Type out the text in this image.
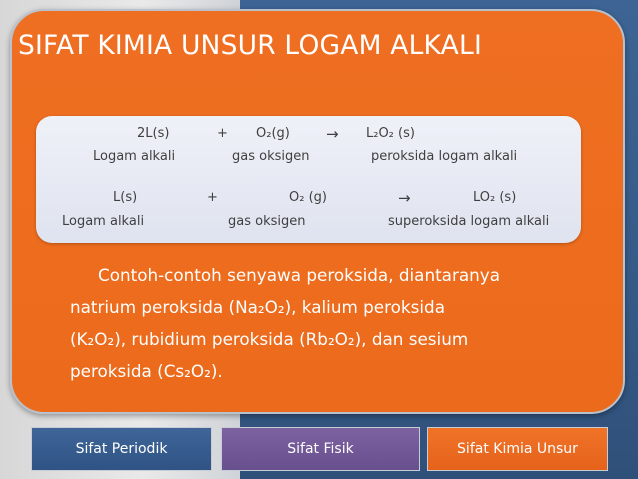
SIFAT KIMIA UNSUR LOGAM ALKALI
2L(s)	+ O₂(g) → L₂O₂ (s)
Logam alkali	gas oksigen	peroksida logam alkali
L(s)	+	O₂ (g)	→	LO₂ (s)
Logam alkali	gas oksigen	superoksida logam alkali
Contoh-contoh senyawa peroksida, diantaranya
natrium peroksida (Na₂O₂), kalium peroksida
(K₂O₂), rubidium peroksida (Rb₂O₂), dan sesium
peroksida (Cs₂O₂).
Sifat Periodik	Sifat Fisik	Sifat Kimia Unsur
